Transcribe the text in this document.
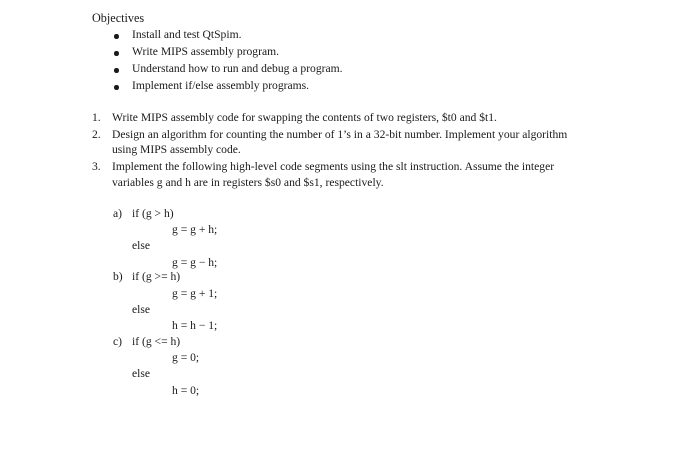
Objectives
Install and test QtSpim.
Write MIPS assembly program.
Understand how to run and debug a program.
Implement if/else assembly programs.
1. Write MIPS assembly code for swapping the contents of two registers, $t0 and $t1.
2. Design an algorithm for counting the number of 1’s in a 32-bit number. Implement your algorithm
using MIPS assembly code.
3. Implement the following high-level code segments using the slt instruction. Assume the integer
variables g and h are in registers $s0 and $s1, respectively.
a) if (g > h)
g = g + h;
else
g = g − h;
b) if (g >= h)
g = g + 1;
else
h = h − 1;
c) if (g <= h)
g = 0;
else
h = 0;
